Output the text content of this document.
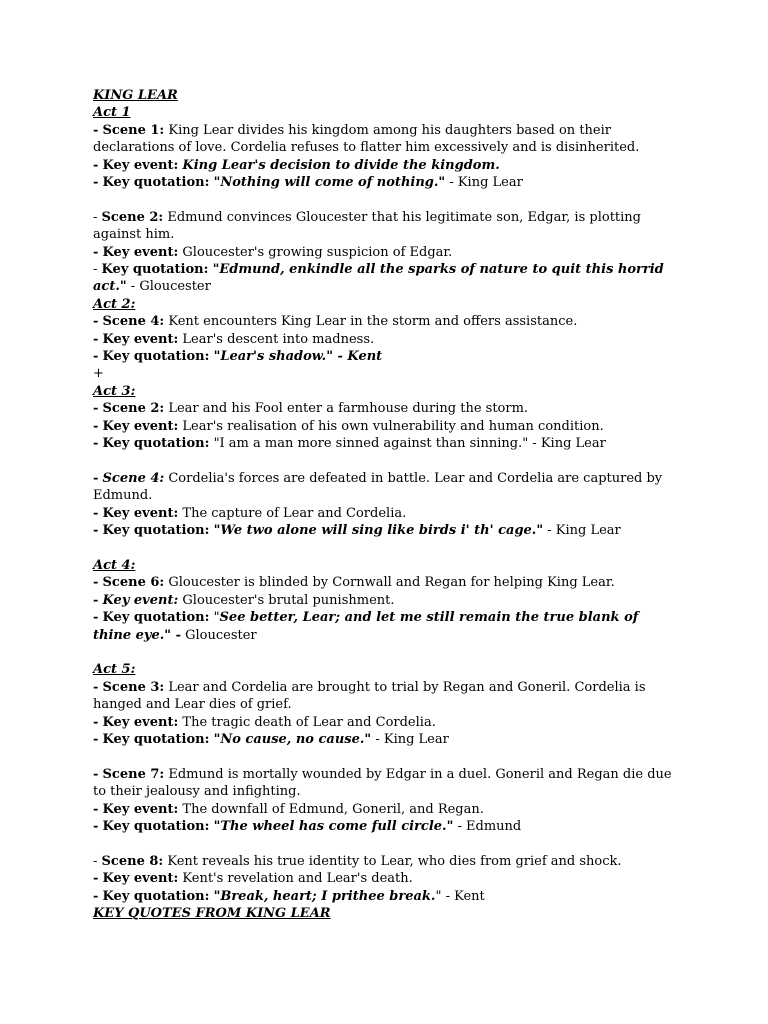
KING LEAR
Act 1
- Scene 1: King Lear divides his kingdom among his daughters based on their declarations of love. Cordelia refuses to flatter him excessively and is disinherited.
- Key event: King Lear's decision to divide the kingdom.
- Key quotation: "Nothing will come of nothing." - King Lear
- Scene 2: Edmund convinces Gloucester that his legitimate son, Edgar, is plotting against him.
- Key event: Gloucester's growing suspicion of Edgar.
- Key quotation: "Edmund, enkindle all the sparks of nature to quit this horrid act." - Gloucester
Act 2:
- Scene 4: Kent encounters King Lear in the storm and offers assistance.
- Key event: Lear's descent into madness.
- Key quotation: "Lear's shadow." - Kent
+
Act 3:
- Scene 2: Lear and his Fool enter a farmhouse during the storm.
- Key event: Lear's realisation of his own vulnerability and human condition.
- Key quotation: "I am a man more sinned against than sinning." - King Lear
- Scene 4: Cordelia's forces are defeated in battle. Lear and Cordelia are captured by Edmund.
- Key event: The capture of Lear and Cordelia.
- Key quotation: "We two alone will sing like birds i' th' cage." - King Lear
Act 4:
- Scene 6: Gloucester is blinded by Cornwall and Regan for helping King Lear.
- Key event: Gloucester's brutal punishment.
- Key quotation: "See better, Lear; and let me still remain the true blank of thine eye." - Gloucester
Act 5:
- Scene 3: Lear and Cordelia are brought to trial by Regan and Goneril. Cordelia is hanged and Lear dies of grief.
- Key event: The tragic death of Lear and Cordelia.
- Key quotation: "No cause, no cause." - King Lear
- Scene 7: Edmund is mortally wounded by Edgar in a duel. Goneril and Regan die due to their jealousy and infighting.
- Key event: The downfall of Edmund, Goneril, and Regan.
- Key quotation: "The wheel has come full circle." - Edmund
- Scene 8: Kent reveals his true identity to Lear, who dies from grief and shock.
- Key event: Kent's revelation and Lear's death.
- Key quotation: "Break, heart; I prithee break." - Kent
KEY QUOTES FROM KING LEAR
